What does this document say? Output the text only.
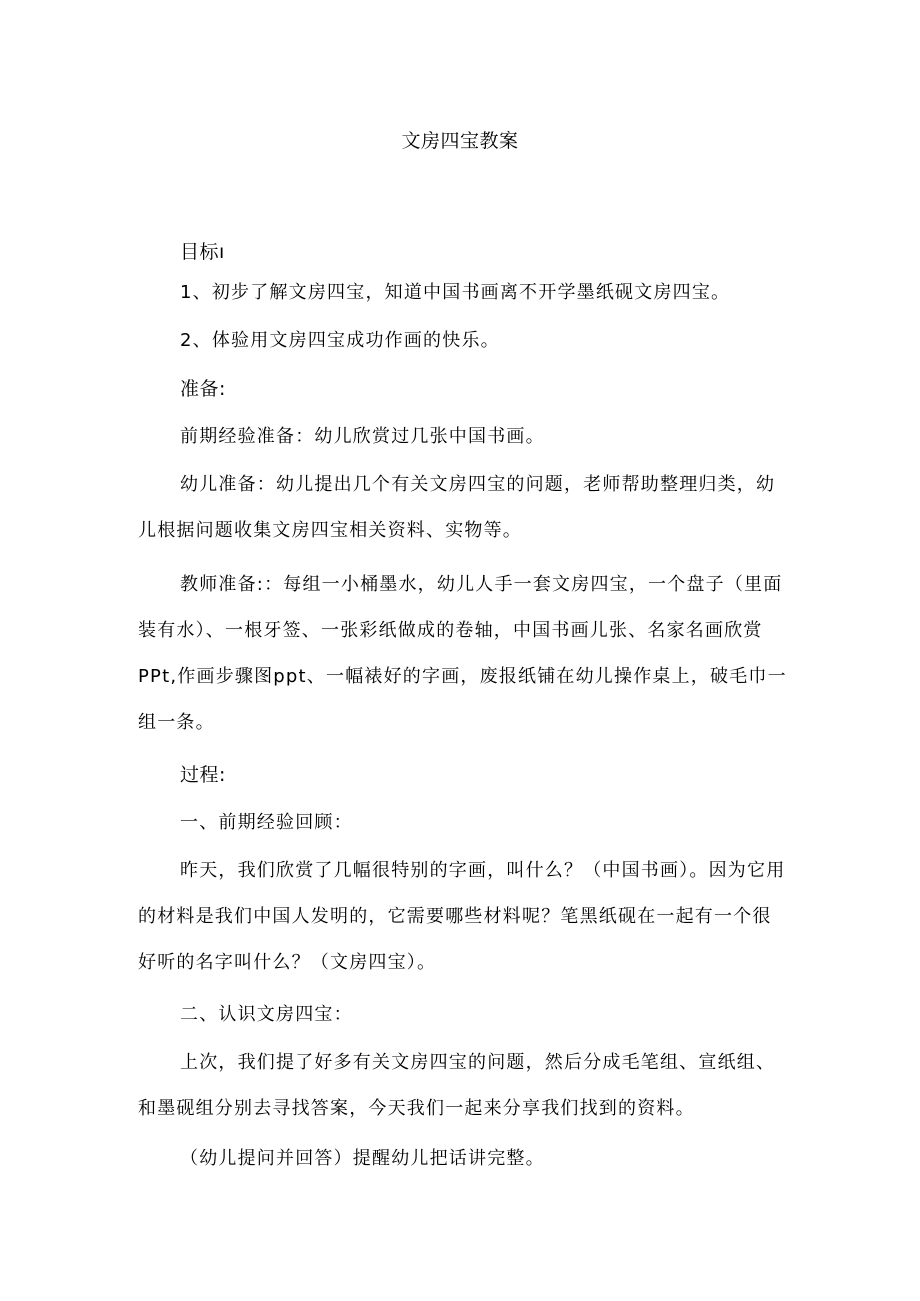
文房四宝教案

目标ı

1、初步了解文房四宝，知道中国书画离不开学墨纸砚文房四宝。

2、体验用文房四宝成功作画的快乐。

准备:

前期经验准备：幼儿欣赏过几张中国书画。

幼儿准备：幼儿提出几个有关文房四宝的问题，老师帮助整理归类，幼儿根据问题收集文房四宝相关资料、实物等。

教师准备:：每组一小桶墨水，幼儿人手一套文房四宝，一个盘子（里面装有水）、一根牙签、一张彩纸做成的卷轴，中国书画儿张、名家名画欣赏PPt,作画步骤图ppt、一幅裱好的字画，废报纸铺在幼儿操作桌上，破毛巾一组一条。

过程:

一、前期经验回顾：

昨天，我们欣赏了几幅很特别的字画，叫什么？（中国书画）。因为它用的材料是我们中国人发明的，它需要哪些材料呢？笔黑纸砚在一起有一个很好听的名字叫什么？（文房四宝）。

二、认识文房四宝：

上次，我们提了好多有关文房四宝的问题，然后分成毛笔组、宣纸组、和墨砚组分别去寻找答案，今天我们一起来分享我们找到的资料。

（幼儿提问并回答）提醒幼儿把话讲完整。
